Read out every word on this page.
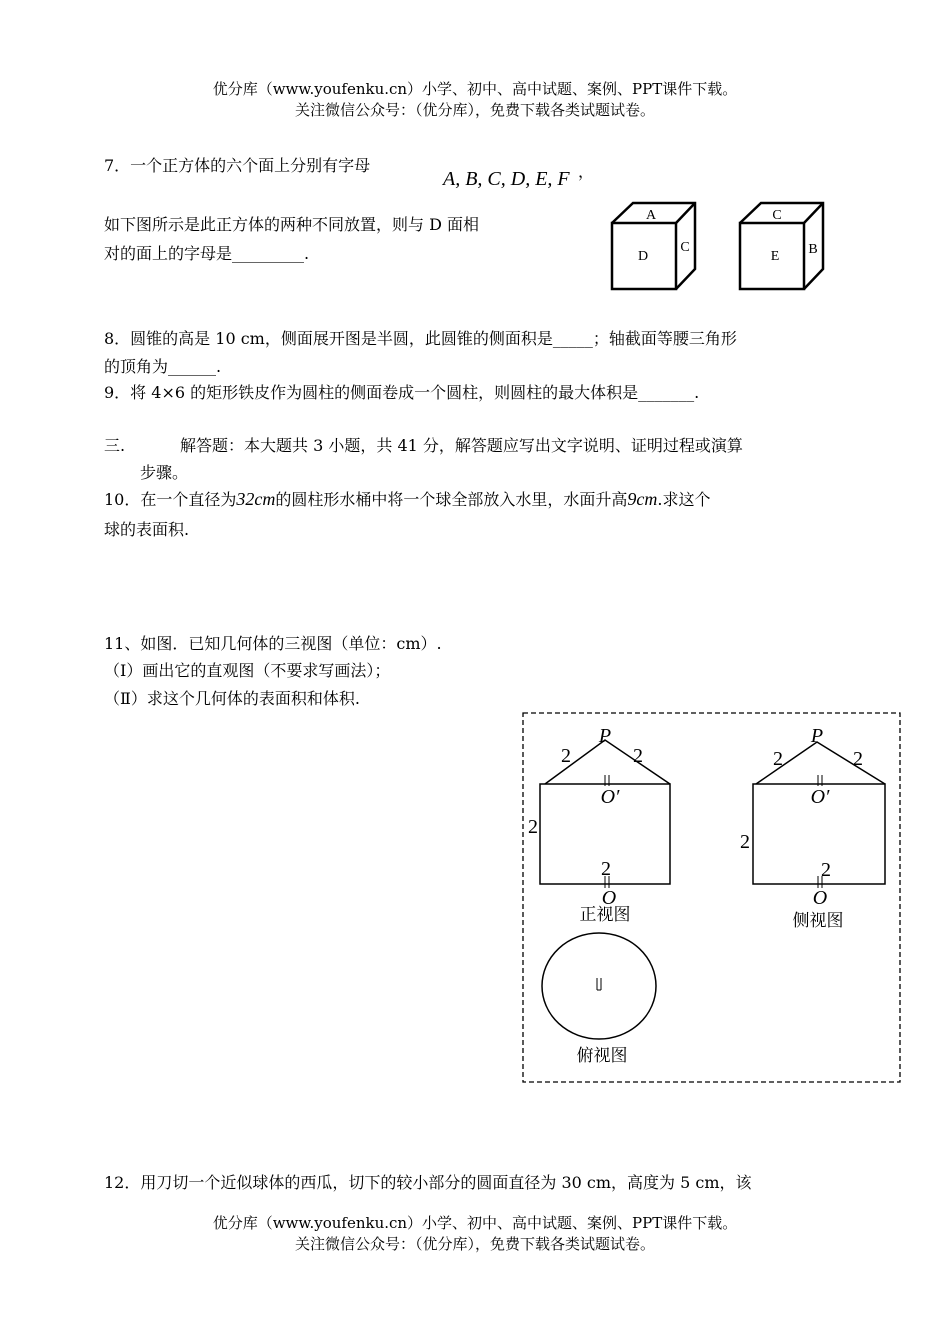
优分库（www.youfenku.cn）小学、初中、高中试题、案例、PPT课件下载。
关注微信公众号：（优分库），免费下载各类试题试卷。
7．一个正方体的六个面上分别有字母
A, B, C, D, E, F ，
如下图所示是此正方体的两种不同放置，则与 D 面相
对的面上的字母是_________.
A
D
C
C
E B
8．圆锥的高是 10 cm，侧面展开图是半圆，此圆锥的侧面积是_____；轴截面等腰三角形
的顶角为______.
9．将 4×6 的矩形铁皮作为圆柱的侧面卷成一个圆柱，则圆柱的最大体积是_______.
三.	解答题：本大题共 3 小题，共 41 分，解答题应写出文字说明、证明过程或演算
步骤。
10．在一个直径为32cm的圆柱形水桶中将一个球全部放入水里，水面升高9cm.求这个
球的表面积.
11、如图．已知几何体的三视图（单位：cm）.
（Ⅰ）画出它的直观图（不要求写画法）；
（Ⅱ）求这个几何体的表面积和体积.
P
O′
O
2	2
2
2
正视图
P
O′
O
2	2
2
2
侧视图
俯视图
12．用刀切一个近似球体的西瓜，切下的较小部分的圆面直径为 30 cm，高度为 5 cm，该
优分库（www.youfenku.cn）小学、初中、高中试题、案例、PPT课件下载。
关注微信公众号：（优分库），免费下载各类试题试卷。
